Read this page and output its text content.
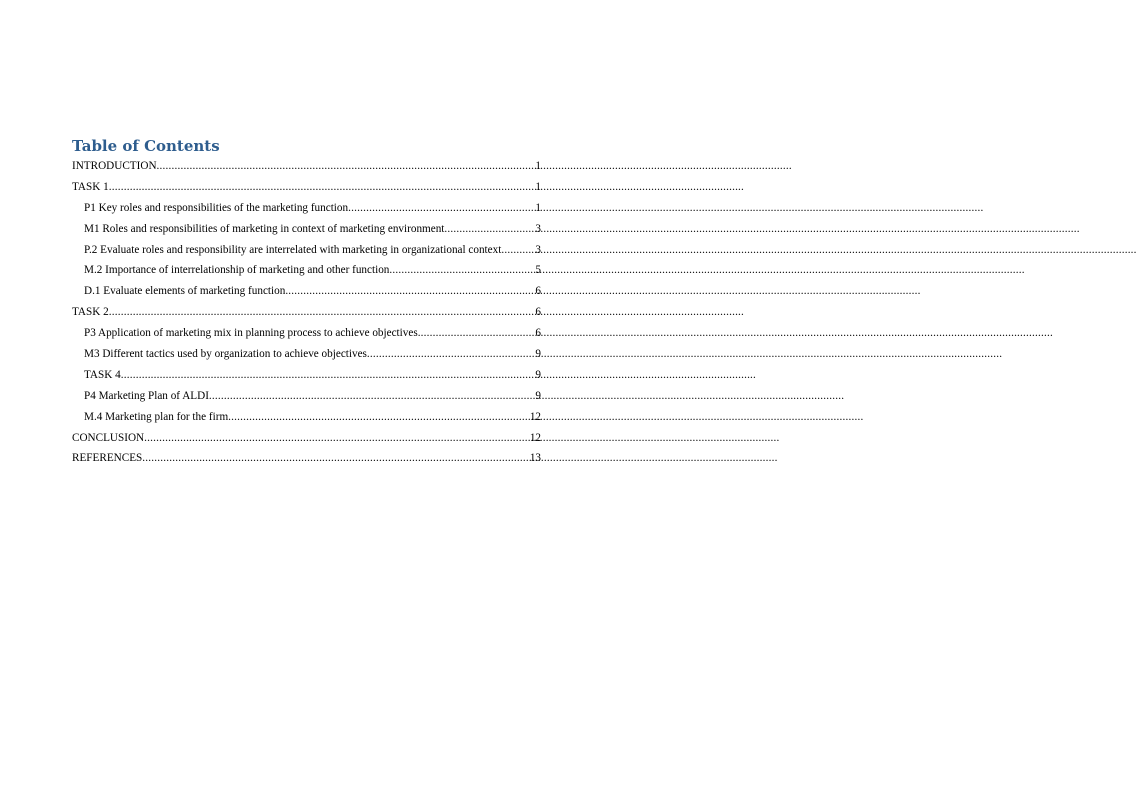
Table of Contents
INTRODUCTION .....	1
TASK 1 .....	1
P1 Key roles and responsibilities of the marketing function .....	1
M1 Roles and responsibilities of marketing in context of marketing environment .....	3
P.2 Evaluate roles and responsibility are interrelated with marketing in organizational context .....	3
M.2 Importance of interrelationship of marketing and other function .....	5
D.1 Evaluate elements of marketing function .....	6
TASK 2 .....	6
P3 Application of marketing mix in planning process to achieve objectives .....	6
M3 Different tactics used by organization to achieve objectives .....	9
TASK 4 .....	9
P4 Marketing Plan of ALDI .....	9
M.4 Marketing plan for the firm .....	12
CONCLUSION .....	12
REFERENCES .....	13
